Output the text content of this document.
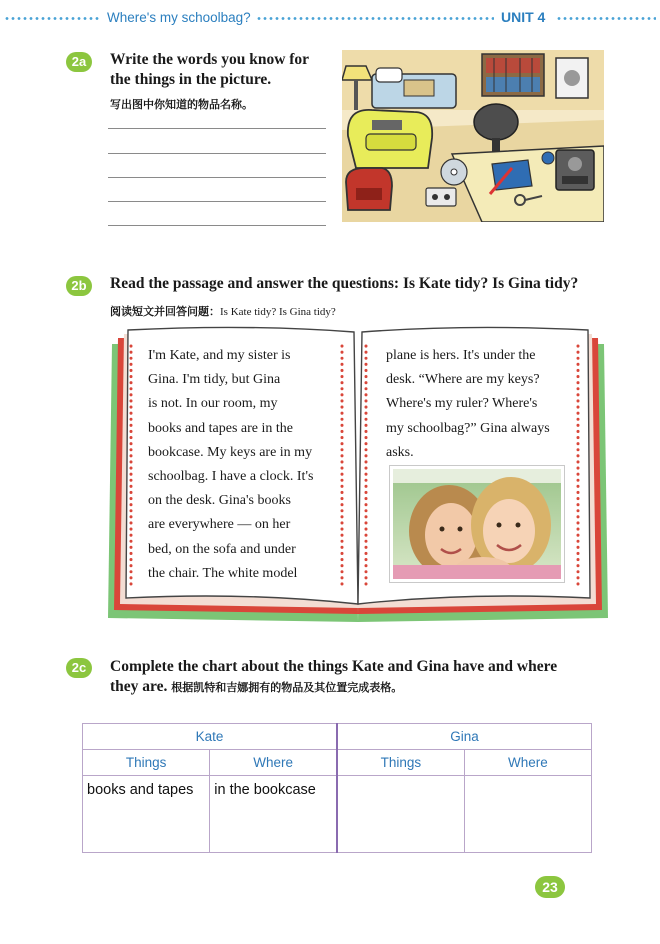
Where's my schoolbag?	UNIT 4
2a	Write the words you know for
the things in the picture.
写出图中你知道的物品名称。
2b	Read the passage and answer the questions: Is Kate tidy? Is Gina tidy?
阅读短文并回答问题：Is Kate tidy? Is Gina tidy?
I'm Kate, and my sister is
Gina. I'm tidy, but Gina
is not. In our room, my
books and tapes are in the
bookcase. My keys are in my
schoolbag. I have a clock. It's
on the desk. Gina's books
are everywhere — on her
bed, on the sofa and under
the chair. The white model
plane is hers. It's under the
desk. “Where are my keys?
Where's my ruler? Where's
my schoolbag?” Gina always
asks.
2c	Complete the chart about the things Kate and Gina have and where
they are. 根据凯特和吉娜拥有的物品及其位置完成表格。
Kate		Gina	
Things	Where	Things	Where
books and tapes	in the bookcase		
23
